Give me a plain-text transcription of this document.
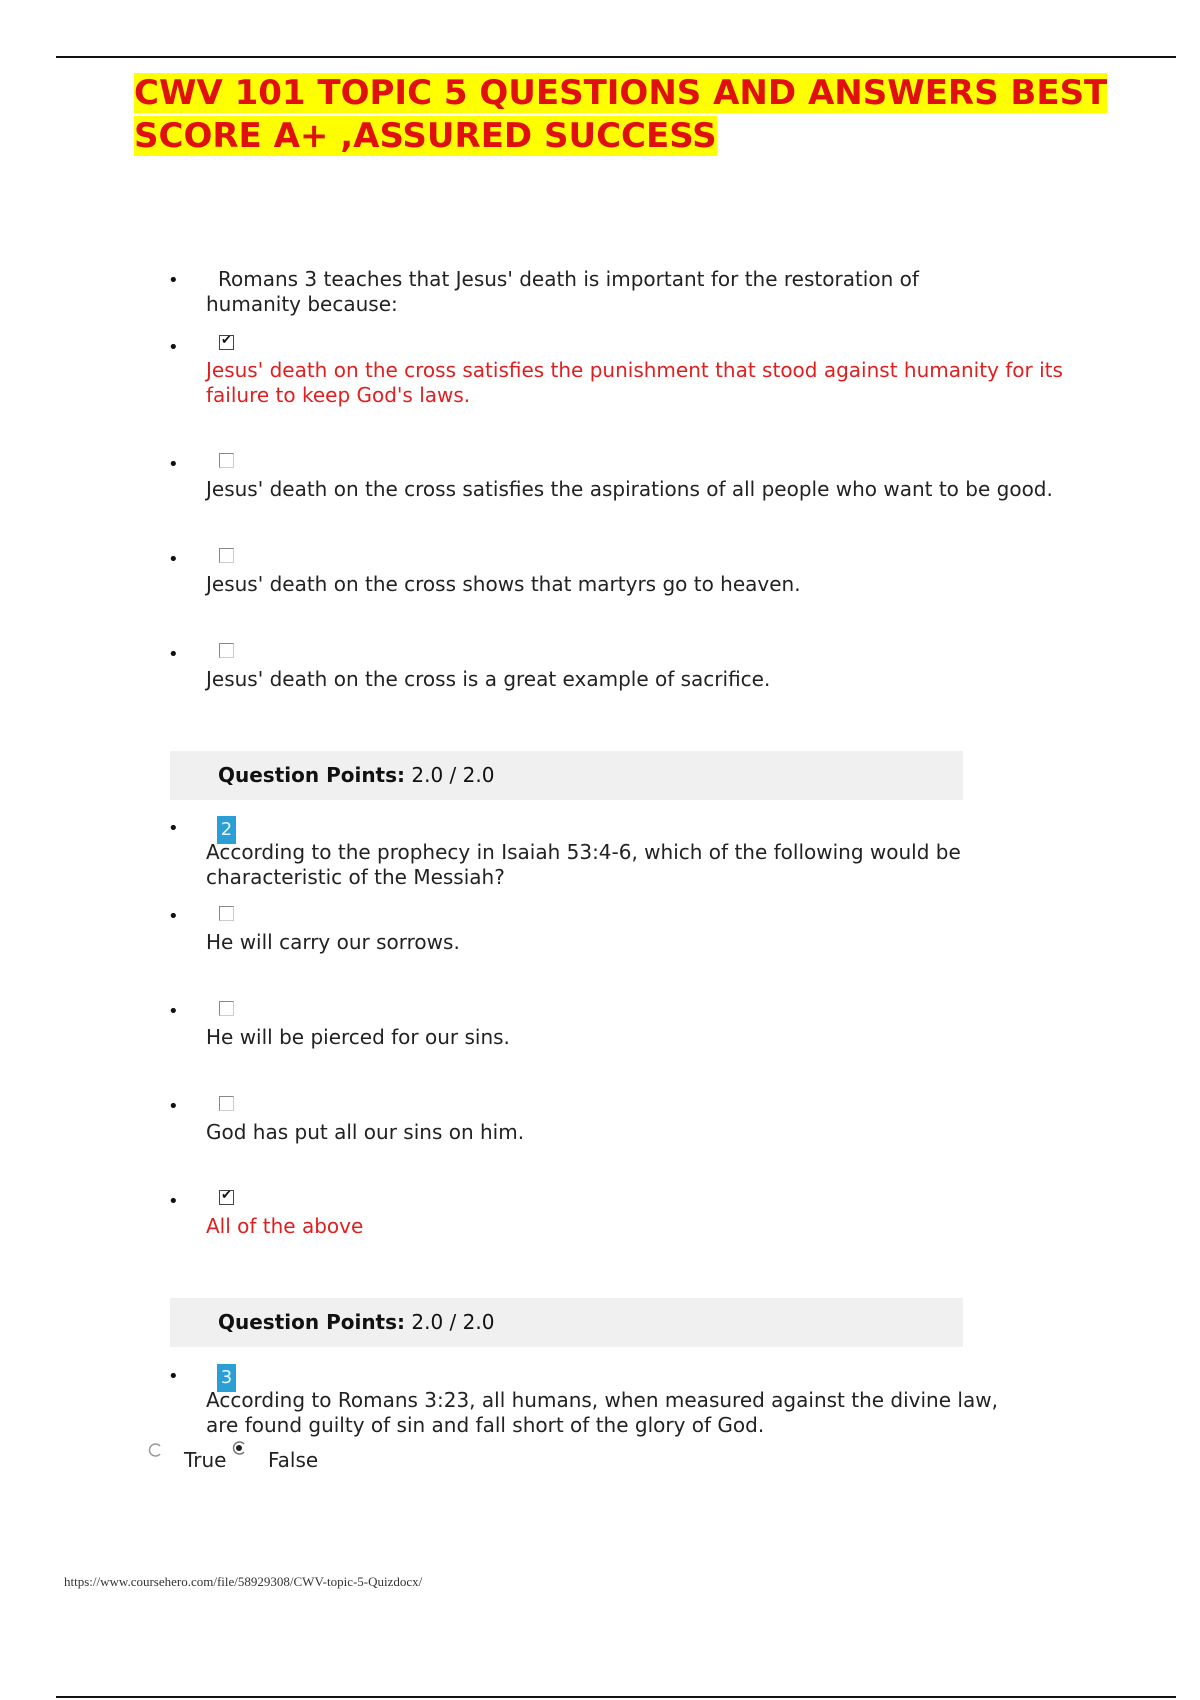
CWV 101 TOPIC 5 QUESTIONS AND ANSWERS BEST
SCORE A+ ,ASSURED SUCCESS
•	Romans 3 teaches that Jesus' death is important for the restoration of humanity because:
•
✔
Jesus' death on the cross satisfies the punishment that stood against humanity for its failure to keep God's laws.
•
Jesus' death on the cross satisfies the aspirations of all people who want to be good.
•
Jesus' death on the cross shows that martyrs go to heaven.
•
Jesus' death on the cross is a great example of sacrifice.
Question Points: 2.0 / 2.0
• 2
According to the prophecy in Isaiah 53:4-6, which of the following would be characteristic of the Messiah?
•
He will carry our sorrows.
•
He will be pierced for our sins.
•
God has put all our sins on him.
•
✔
All of the above
Question Points: 2.0 / 2.0
• 3
According to Romans 3:23, all humans, when measured against the divine law, are found guilty of sin and fall short of the glory of God.
True False
https://www.coursehero.com/file/58929308/CWV-topic-5-Quizdocx/
